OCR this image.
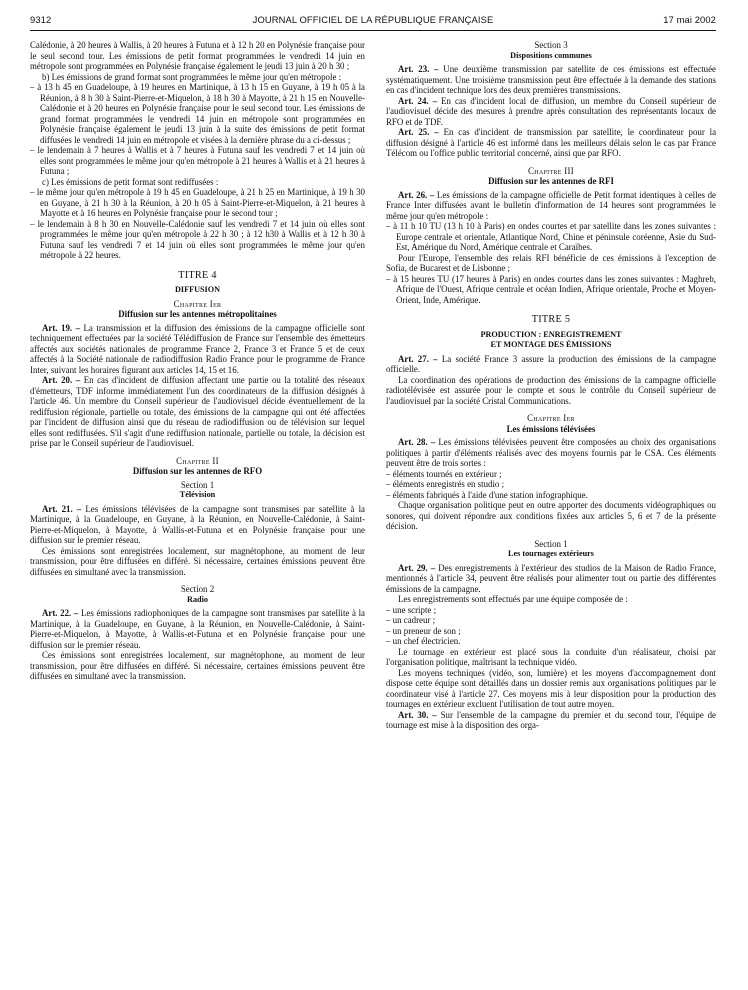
9312	JOURNAL OFFICIEL DE LA RÉPUBLIQUE FRANÇAISE	17 mai 2002

Calédonie, à 20 heures à Wallis, à 20 heures à Futuna et à 12 h 20 en Polynésie française pour le seul second tour. Les émissions de petit format programmées le vendredi 14 juin en métropole sont programmées en Polynésie française également le jeudi 13 juin à 20 h 30 ;

b) Les émissions de grand format sont programmées le même jour qu'en métropole :

– à 13 h 45 en Guadeloupe, à 19 heures en Martinique, à 13 h 15 en Guyane, à 19 h 05 à la Réunion, à 8 h 30 à Saint-Pierre-et-Miquelon, à 18 h 30 à Mayotte, à 21 h 15 en Nouvelle-Calédonie et à 20 heures en Polynésie française pour le seul second tour. Les émissions de grand format programmées le vendredi 14 juin en métropole sont programmées en Polynésie française également le jeudi 13 juin à la suite des émissions de petit format diffusées le vendredi 14 juin en métropole et visées à la dernière phrase du a ci-dessus ;

– le lendemain à 7 heures à Wallis et à 7 heures à Futuna sauf les vendredi 7 et 14 juin où elles sont programmées le même jour qu'en métropole à 21 heures à Wallis et à 21 heures à Futuna ;

c) Les émissions de petit format sont rediffusées :

– le même jour qu'en métropole à 19 h 45 en Guadeloupe, à 21 h 25 en Martinique, à 19 h 30 en Guyane, à 21 h 30 à la Réunion, à 20 h 05 à Saint-Pierre-et-Miquelon, à 21 heures à Mayotte et à 16 heures en Polynésie française pour le second tour ;

– le lendemain à 8 h 30 en Nouvelle-Calédonie sauf les vendredi 7 et 14 juin où elles sont programmées le même jour qu'en métropole à 22 h 30 ; à 12 h30 à Wallis et à 12 h 30 à Futuna sauf les vendredi 7 et 14 juin où elles sont programmées le même jour qu'en métropole à 22 heures.

TITRE 4

DIFFUSION

Chapitre Ier

Diffusion sur les antennes métropolitaines

Art. 19. – La transmission et la diffusion des émissions de la campagne officielle sont techniquement effectuées par la société Télédiffusion de France sur l'ensemble des émetteurs affectés aux sociétés nationales de programme France 2, France 3 et France 5 et de ceux affectés à la Société nationale de radiodiffusion Radio France pour le programme de France Inter, suivant les horaires figurant aux articles 14, 15 et 16.

Art. 20. – En cas d'incident de diffusion affectant une partie ou la totalité des réseaux d'émetteurs, TDF informe immédiatement l'un des coordinateurs de la diffusion désignés à l'article 46. Un membre du Conseil supérieur de l'audiovisuel décide éventuellement de la rediffusion régionale, partielle ou totale, des émissions de la campagne qui ont été affectées par l'incident de diffusion ainsi que du réseau de radiodiffusion ou de télévision sur lequel elles sont rediffusées. S'il s'agit d'une rediffusion nationale, partielle ou totale, la décision est prise par le Conseil supérieur de l'audiovisuel.

Chapitre II

Diffusion sur les antennes de RFO

Section 1

Télévision

Art. 21. – Les émissions télévisées de la campagne sont transmises par satellite à la Martinique, à la Guadeloupe, en Guyane, à la Réunion, en Nouvelle-Calédonie, à Saint-Pierre-et-Miquelon, à Mayotte, à Wallis-et-Futuna et en Polynésie française pour une diffusion sur le premier réseau.

Ces émissions sont enregistrées localement, sur magnétophone, au moment de leur transmission, pour être diffusées en différé. Si nécessaire, certaines émissions peuvent être diffusées en simultané avec la transmission.

Section 2

Radio

Art. 22. – Les émissions radiophoniques de la campagne sont transmises par satellite à la Martinique, à la Guadeloupe, en Guyane, à la Réunion, en Nouvelle-Calédonie, à Saint-Pierre-et-Miquelon, à Mayotte, à Wallis-et-Futuna et en Polynésie française pour une diffusion sur le premier réseau.

Ces émissions sont enregistrées localement, sur magnétophone, au moment de leur transmission, pour être diffusées en différé. Si nécessaire, certaines émissions peuvent être diffusées en simultané avec la transmission.

Section 3

Dispositions communes

Art. 23. – Une deuxième transmission par satellite de ces émissions est effectuée systématiquement. Une troisième transmission peut être effectuée à la demande des stations en cas d'incident technique lors des deux premières transmissions.

Art. 24. – En cas d'incident local de diffusion, un membre du Conseil supérieur de l'audiovisuel décide des mesures à prendre après consultation des représentants locaux de RFO et de TDF.

Art. 25. – En cas d'incident de transmission par satellite, le coordinateur pour la diffusion désigné à l'article 46 est informé dans les meilleurs délais selon le cas par France Télécom ou l'office public territorial concerné, ainsi que par RFO.

Chapitre III

Diffusion sur les antennes de RFI

Art. 26. – Les émissions de la campagne officielle de Petit format identiques à celles de France Inter diffusées avant le bulletin d'information de 14 heures sont programmées le même jour qu'en métropole :

– à 11 h 10 TU (13 h 10 à Paris) en ondes courtes et par satellite dans les zones suivantes : Europe centrale et orientale, Atlantique Nord, Chine et péninsule coréenne, Asie du Sud-Est, Amérique du Nord, Amérique centrale et Caraïbes.

Pour l'Europe, l'ensemble des relais RFI bénéficie de ces émissions à l'exception de Sofia, de Bucarest et de Lisbonne ;

– à 15 heures TU (17 heures à Paris) en ondes courtes dans les zones suivantes : Maghreb, Afrique de l'Ouest, Afrique centrale et océan Indien, Afrique orientale, Proche et Moyen-Orient, Inde, Amérique.

TITRE 5

PRODUCTION : ENREGISTREMENT

ET MONTAGE DES ÉMISSIONS

Art. 27. – La société France 3 assure la production des émissions de la campagne officielle.

La coordination des opérations de production des émissions de la campagne officielle radiotélévisée est assurée pour le compte et sous le contrôle du Conseil supérieur de l'audiovisuel par la société Cristal Communications.

Chapitre Ier

Les émissions télévisées

Art. 28. – Les émissions télévisées peuvent être composées au choix des organisations politiques à partir d'éléments réalisés avec des moyens fournis par le CSA. Ces éléments peuvent être de trois sortes :

– éléments tournés en extérieur ;

– éléments enregistrés en studio ;

– éléments fabriqués à l'aide d'une station infographique.

Chaque organisation politique peut en outre apporter des documents vidéographiques ou sonores, qui doivent répondre aux conditions fixées aux articles 5, 6 et 7 de la présente décision.

Section 1

Les tournages extérieurs

Art. 29. – Des enregistrements à l'extérieur des studios de la Maison de Radio France, mentionnés à l'article 34, peuvent être réalisés pour alimenter tout ou partie des différentes émissions de la campagne.

Les enregistrements sont effectués par une équipe composée de :

– une scripte ;

– un cadreur ;

– un preneur de son ;

– un chef électricien.

Le tournage en extérieur est placé sous la conduite d'un réalisateur, choisi par l'organisation politique, maîtrisant la technique vidéo.

Les moyens techniques (vidéo, son, lumière) et les moyens d'accompagnement dont dispose cette équipe sont détaillés dans un dossier remis aux organisations politiques par le coordinateur visé à l'article 27. Ces moyens mis à leur disposition pour la production des tournages en extérieur excluent l'utilisation de tout autre moyen.

Art. 30. – Sur l'ensemble de la campagne du premier et du second tour, l'équipe de tournage est mise à la disposition des orga-
